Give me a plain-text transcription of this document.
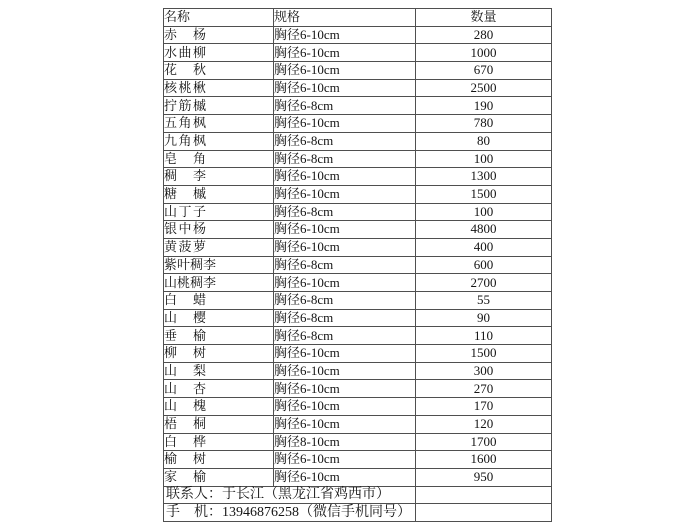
名称	规格	数量
赤杨	胸径6-10cm	280
水曲柳	胸径6-10cm	1000
花秋	胸径6-10cm	670
核桃楸	胸径6-10cm	2500
拧筋槭	胸径6-8cm	190
五角枫	胸径6-10cm	780
九角枫	胸径6-8cm	80
皂角	胸径6-8cm	100
稠李	胸径6-10cm	1300
糖槭	胸径6-10cm	1500
山丁子	胸径6-8cm	100
银中杨	胸径6-10cm	4800
黄菠萝	胸径6-10cm	400
紫叶稠李	胸径6-8cm	600
山桃稠李	胸径6-10cm	2700
白蜡	胸径6-8cm	55
山樱	胸径6-8cm	90
垂榆	胸径6-8cm	110
柳树	胸径6-10cm	1500
山梨	胸径6-10cm	300
山杏	胸径6-10cm	270
山槐	胸径6-10cm	170
梧桐	胸径6-10cm	120
白桦	胸径8-10cm	1700
榆树	胸径6-10cm	1600
家榆	胸径6-10cm	950
联系人：于长江（黑龙江省鸡西市）		
手　机：13946876258（微信手机同号）		
